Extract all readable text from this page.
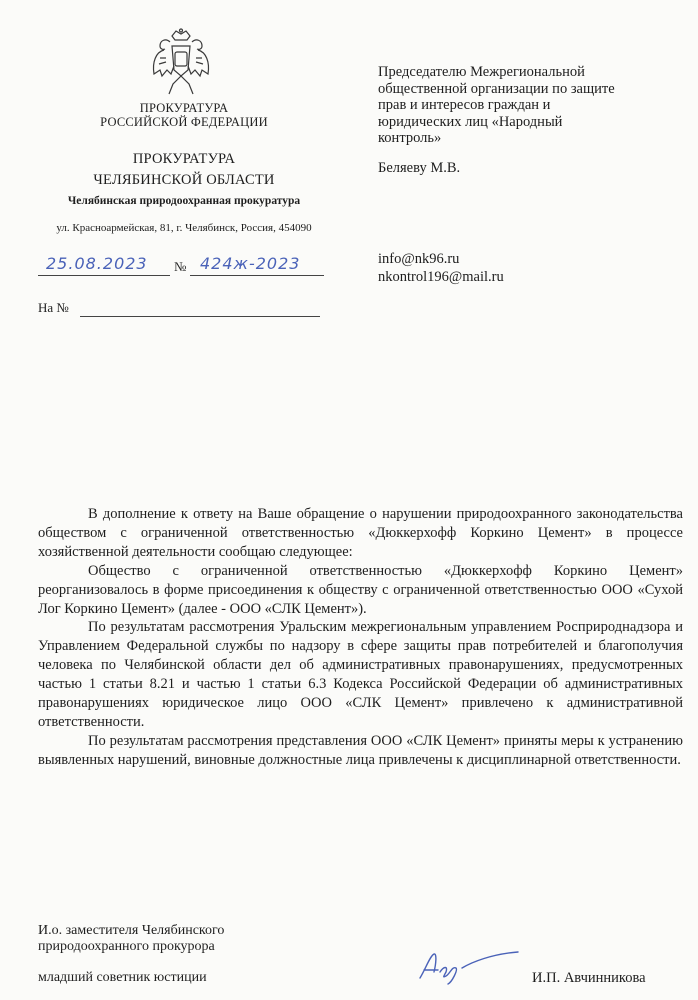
ПРОКУРАТУРА
РОССИЙСКОЙ ФЕДЕРАЦИИ
ПРОКУРАТУРА
ЧЕЛЯБИНСКОЙ ОБЛАСТИ
Челябинская природоохранная прокуратура
ул. Красноармейская, 81, г. Челябинск, Россия, 454090
25.08.2023	№ 424ж-2023
На №
Председателю Межрегиональной
общественной организации по защите
прав и интересов граждан и
юридических лиц «Народный
контроль»
Беляеву М.В.
info@nk96.ru
nkontrol196@mail.ru

В дополнение к ответу на Ваше обращение о нарушении природоохранного законодательства обществом с ограниченной ответственностью «Дюккерхофф Коркино Цемент» в процессе хозяйственной деятельности сообщаю следующее:

Общество с ограниченной ответственностью «Дюккерхофф Коркино Цемент» реорганизовалось в форме присоединения к обществу с ограниченной ответственностью ООО «Сухой Лог Коркино Цемент» (далее - ООО «СЛК Цемент»).

По результатам рассмотрения Уральским межрегиональным управлением Росприроднадзора и Управлением Федеральной службы по надзору в сфере защиты прав потребителей и благополучия человека по Челябинской области дел об административных правонарушениях, предусмотренных частью 1 статьи 8.21 и частью 1 статьи 6.3 Кодекса Российской Федерации об административных правонарушениях юридическое лицо ООО «СЛК Цемент» привлечено к административной ответственности.

По результатам рассмотрения представления ООО «СЛК Цемент» приняты меры к устранению выявленных нарушений, виновные должностные лица привлечены к дисциплинарной ответственности.

И.о. заместителя Челябинского
природоохранного прокурора
младший советник юстиции	И.П. Авчинникова
